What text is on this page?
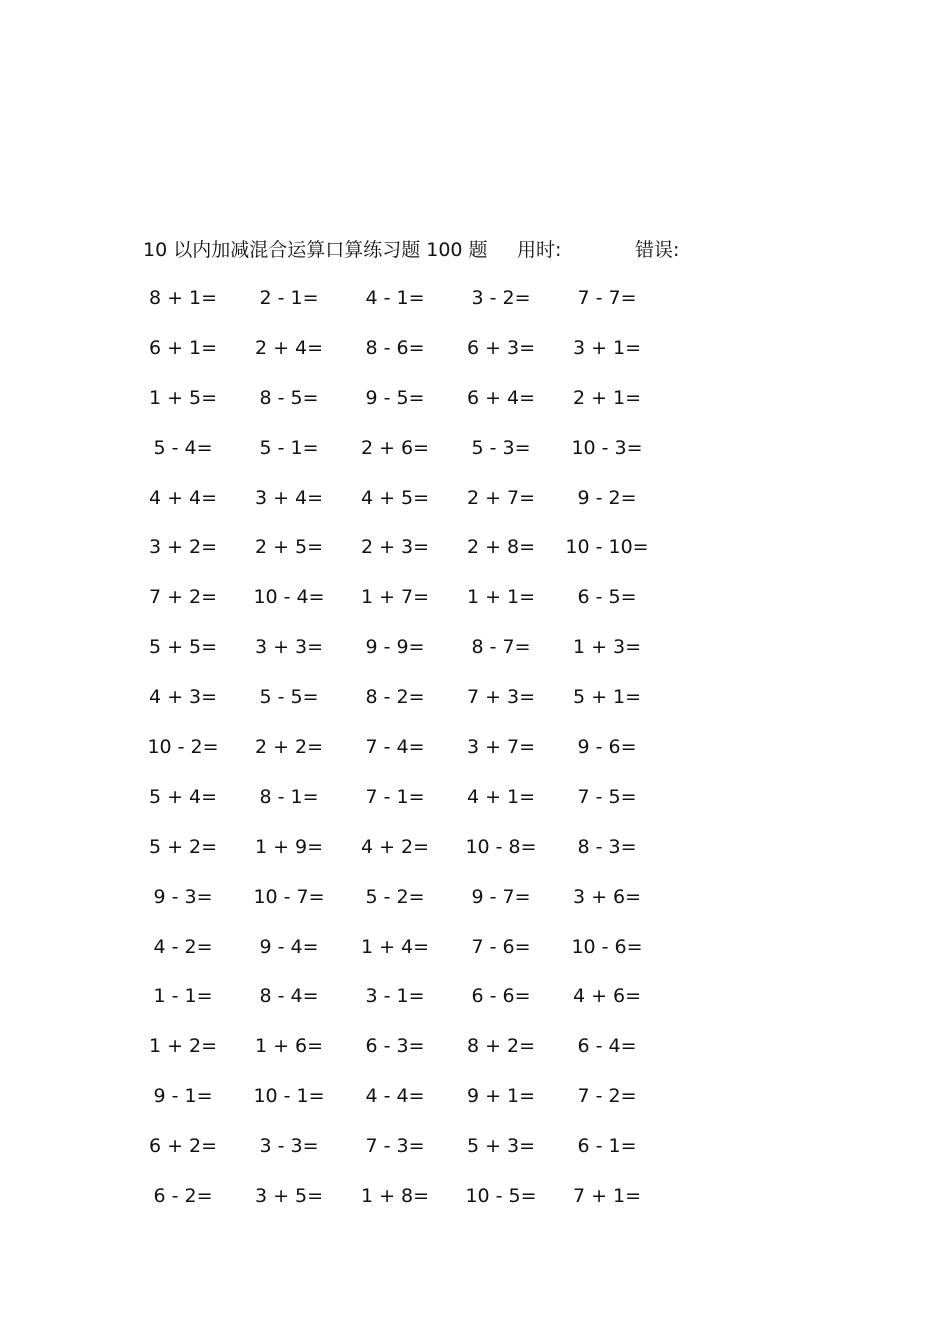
10 以内加减混合运算口算练习题 100 题 用时:	错误:
8 + 1=	2 - 1=	4 - 1=	3 - 2=	7 - 7=
6 + 1=	2 + 4=	8 - 6=	6 + 3=	3 + 1=
1 + 5=	8 - 5=	9 - 5=	6 + 4=	2 + 1=
5 - 4=	5 - 1=	2 + 6=	5 - 3=	10 - 3=
4 + 4=	3 + 4=	4 + 5=	2 + 7=	9 - 2=
3 + 2=	2 + 5=	2 + 3=	2 + 8=	10 - 10=
7 + 2=	10 - 4=	1 + 7=	1 + 1=	6 - 5=
5 + 5=	3 + 3=	9 - 9=	8 - 7=	1 + 3=
4 + 3=	5 - 5=	8 - 2=	7 + 3=	5 + 1=
10 - 2=	2 + 2=	7 - 4=	3 + 7=	9 - 6=
5 + 4=	8 - 1=	7 - 1=	4 + 1=	7 - 5=
5 + 2=	1 + 9=	4 + 2=	10 - 8=	8 - 3=
9 - 3=	10 - 7=	5 - 2=	9 - 7=	3 + 6=
4 - 2=	9 - 4=	1 + 4=	7 - 6=	10 - 6=
1 - 1=	8 - 4=	3 - 1=	6 - 6=	4 + 6=
1 + 2=	1 + 6=	6 - 3=	8 + 2=	6 - 4=
9 - 1=	10 - 1=	4 - 4=	9 + 1=	7 - 2=
6 + 2=	3 - 3=	7 - 3=	5 + 3=	6 - 1=
6 - 2=	3 + 5=	1 + 8=	10 - 5=	7 + 1=
